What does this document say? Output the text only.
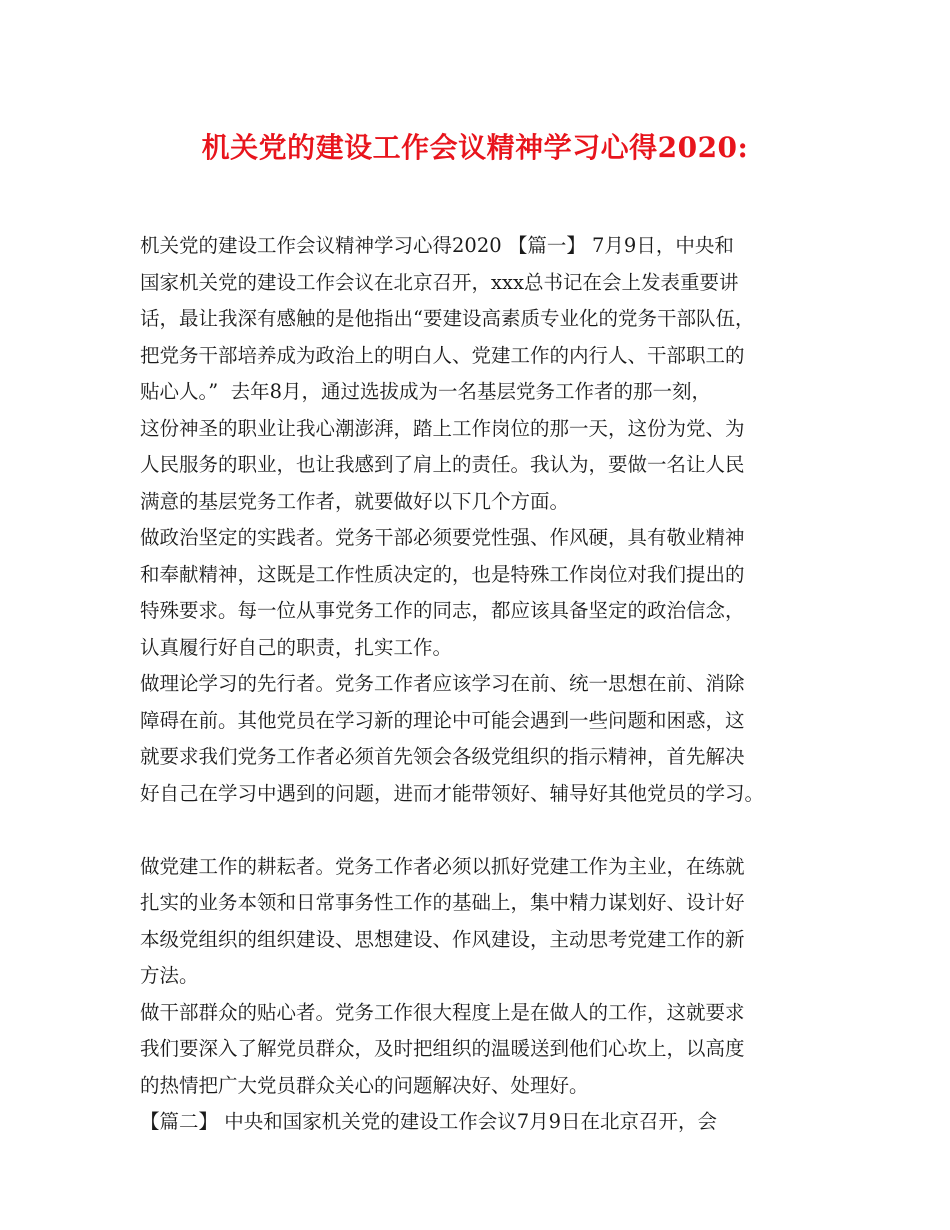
机关党的建设工作会议精神学习心得2020:
机关党的建设工作会议精神学习心得2020 【篇一】 7月9日，中央和
国家机关党的建设工作会议在北京召开，xxx总书记在会上发表重要讲
话，最让我深有感触的是他指出“要建设高素质专业化的党务干部队伍，
把党务干部培养成为政治上的明白人、党建工作的内行人、干部职工的
贴心人。”  去年8月，通过选拔成为一名基层党务工作者的那一刻，
这份神圣的职业让我心潮澎湃，踏上工作岗位的那一天，这份为党、为
人民服务的职业，也让我感到了肩上的责任。我认为，要做一名让人民
满意的基层党务工作者，就要做好以下几个方面。
做政治坚定的实践者。党务干部必须要党性强、作风硬，具有敬业精神
和奉献精神，这既是工作性质决定的，也是特殊工作岗位对我们提出的
特殊要求。每一位从事党务工作的同志，都应该具备坚定的政治信念，
认真履行好自己的职责，扎实工作。
做理论学习的先行者。党务工作者应该学习在前、统一思想在前、消除
障碍在前。其他党员在学习新的理论中可能会遇到一些问题和困惑，这
就要求我们党务工作者必须首先领会各级党组织的指示精神，首先解决
好自己在学习中遇到的问题，进而才能带领好、辅导好其他党员的学习。
做党建工作的耕耘者。党务工作者必须以抓好党建工作为主业，在练就
扎实的业务本领和日常事务性工作的基础上，集中精力谋划好、设计好
本级党组织的组织建设、思想建设、作风建设，主动思考党建工作的新
方法。
做干部群众的贴心者。党务工作很大程度上是在做人的工作，这就要求
我们要深入了解党员群众，及时把组织的温暖送到他们心坎上，以高度
的热情把广大党员群众关心的问题解决好、处理好。
【篇二】 中央和国家机关党的建设工作会议7月9日在北京召开，会
